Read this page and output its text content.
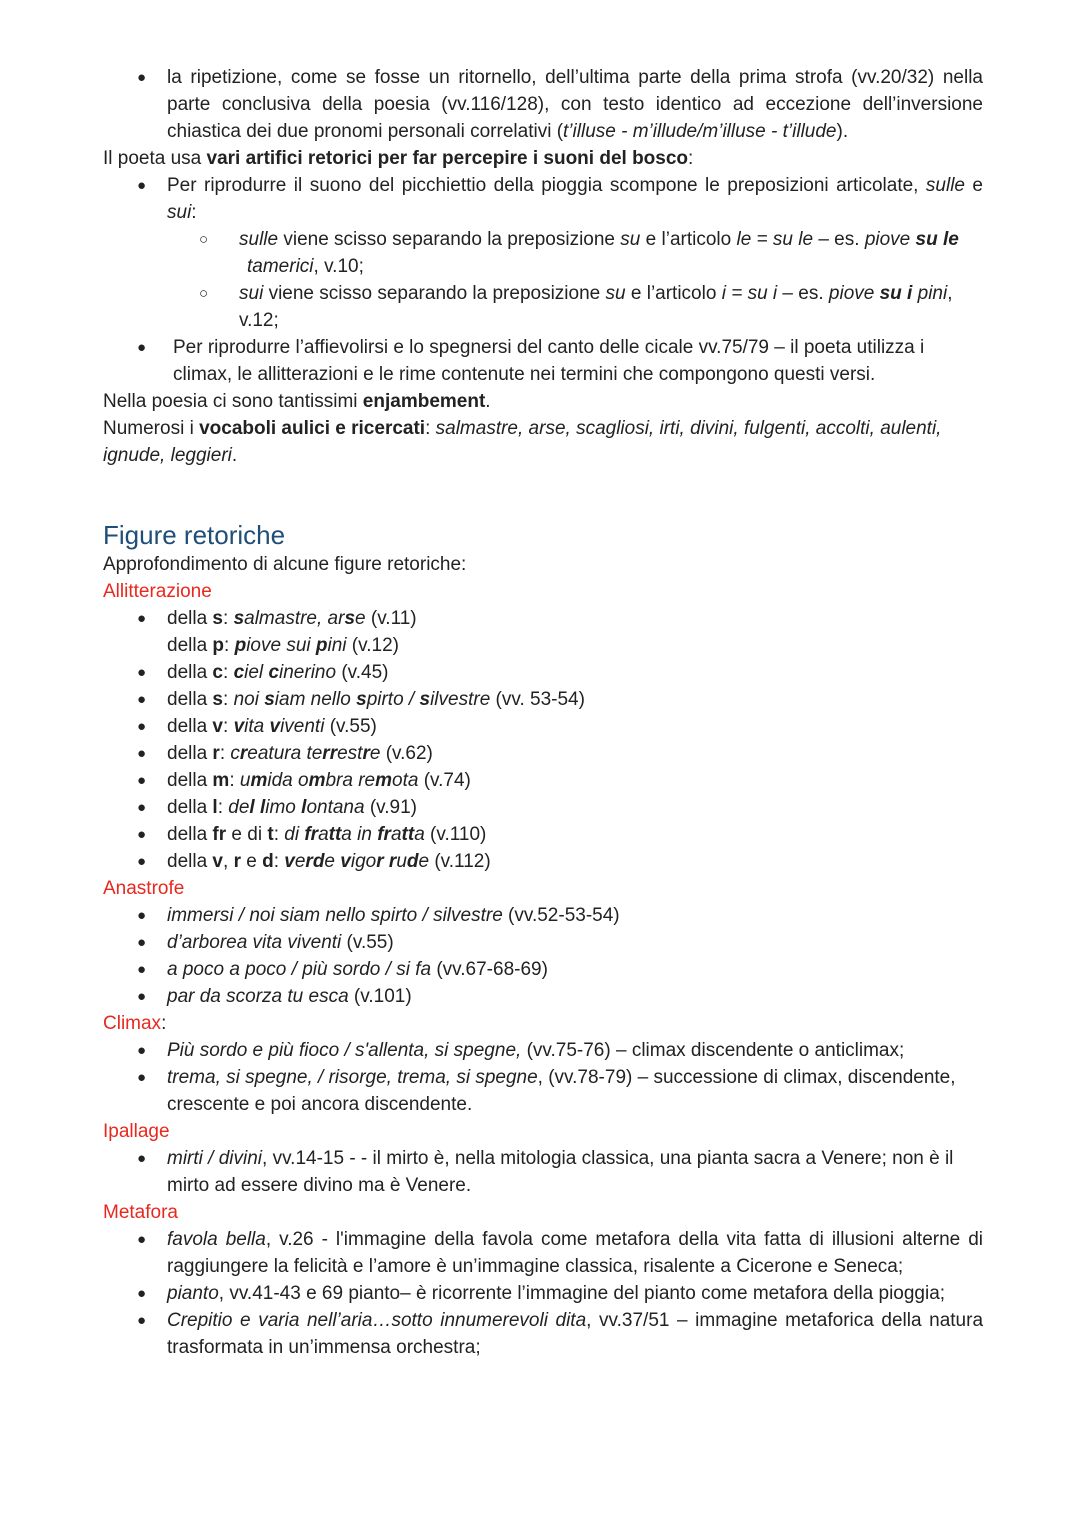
● la ripetizione, come se fosse un ritornello, dell’ultima parte della prima strofa (vv.20/32) nella parte conclusiva della poesia (vv.116/128), con testo identico ad eccezione dell’inversione chiastica dei due pronomi personali correlativi (t’illuse - m’illude/m’illuse - t’illude).

Il poeta usa vari artifici retorici per far percepire i suoni del bosco:

● Per riprodurre il suono del picchiettio della pioggia scompone le preposizioni articolate, sulle e sui:
○ sulle viene scisso separando la preposizione su e l’articolo le = su le – es. piove su le
tamerici, v.10;
○ sui viene scisso separando la preposizione su e l’articolo i = su i – es. piove su i pini, v.12;
● Per riprodurre l’affievolirsi e lo spegnersi del canto delle cicale vv.75/79 – il poeta utilizza i climax, le allitterazioni e le rime contenute nei termini che compongono questi versi.

Nella poesia ci sono tantissimi enjambement.

Numerosi i vocaboli aulici e ricercati: salmastre, arse, scagliosi, irti, divini, fulgenti, accolti, aulenti, ignude, leggieri.

Figure retoriche

Approfondimento di alcune figure retoriche:

Allitterazione

● della s: salmastre, arse (v.11)
della p: piove sui pini (v.12)
● della c: ciel cinerino (v.45)
● della s: noi siam nello spirto / silvestre (vv. 53-54)
● della v: vita viventi (v.55)
● della r: creatura terrestre (v.62)
● della m: umida ombra remota (v.74)
● della l: del limo lontana (v.91)
● della fr e di t: di fratta in fratta (v.110)
● della v, r e d: verde vigor rude (v.112)

Anastrofe

● immersi / noi siam nello spirto / silvestre (vv.52-53-54)
● d’arborea vita viventi (v.55)
● a poco a poco / più sordo / si fa (vv.67-68-69)
● par da scorza tu esca (v.101)

Climax:

● Più sordo e più fioco / s'allenta, si spegne, (vv.75-76) – climax discendente o anticlimax;
● trema, si spegne, / risorge, trema, si spegne, (vv.78-79) – successione di climax, discendente, crescente e poi ancora discendente.

Ipallage

● mirti / divini, vv.14-15 - - il mirto è, nella mitologia classica, una pianta sacra a Venere; non è il mirto ad essere divino ma è Venere.

Metafora

● favola bella, v.26 - l'immagine della favola come metafora della vita fatta di illusioni alterne di raggiungere la felicità e l’amore è un’immagine classica, risalente a Cicerone e Seneca;
● pianto, vv.41-43 e 69 pianto– è ricorrente l’immagine del pianto come metafora della pioggia;
● Crepitio e varia nell’aria…sotto innumerevoli dita, vv.37/51 – immagine metaforica della natura trasformata in un’immensa orchestra;
